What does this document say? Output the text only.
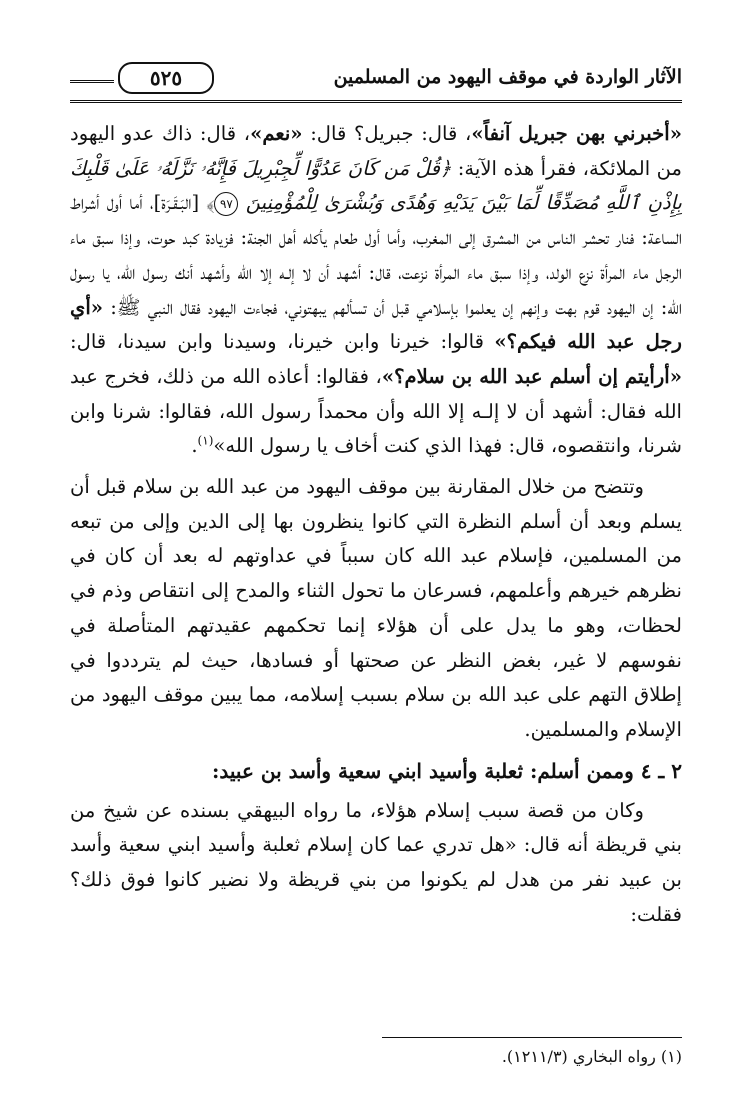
الآثار الواردة في موقف اليهود من المسلمين
٥٢٥

«أخبرني بهن جبريل آنفاً»، قال: جبريل؟ قال: «نعم»، قال: ذاك عدو اليهود من الملائكة، فقرأ هذه الآية: ﴿قُلْ مَن كَانَ عَدُوًّا لِّجِبْرِيلَ فَإِنَّهُۥ نَزَّلَهُۥ عَلَىٰ قَلْبِكَ بِإِذْنِ ٱللَّهِ مُصَدِّقًا لِّمَا بَيْنَ يَدَيْهِ وَهُدًى وَبُشْرَىٰ لِلْمُؤْمِنِينَ ٩٧﴾ [البَـقَـرَة]، أما أول أشراط الساعة: فنار تحشر الناس من المشرق إلى المغرب، وأما أول طعام يأكله أهل الجنة: فزيادة كبد حوت، وإذا سبق ماء الرجل ماء المرأة نزع الولد، وإذا سبق ماء المرأة نزعت، قال: أشهد أن لا إلـه إلا الله وأشهد أنك رسول الله، يا رسول الله: إن اليهود قوم بهت وإنهم إن يعلموا بإسلامي قبل أن تسألهم يبهتوني، فجاءت اليهود فقال النبي ﷺ: «أي رجل عبد الله فيكم؟» قالوا: خيرنا وابن خيرنا، وسيدنا وابن سيدنا، قال: «أرأيتم إن أسلم عبد الله بن سلام؟»، فقالوا: أعاذه الله من ذلك، فخرج عبد الله فقال: أشهد أن لا إلـه إلا الله وأن محمداً رسول الله، فقالوا: شرنا وابن شرنا، وانتقصوه، قال: فهذا الذي كنت أخاف يا رسول الله»$^{(١)}$.

وتتضح من خلال المقارنة بين موقف اليهود من عبد الله بن سلام قبل أن يسلم وبعد أن أسلم النظرة التي كانوا ينظرون بها إلى الدين وإلى من تبعه من المسلمين، فإسلام عبد الله كان سبباً في عداوتهم له بعد أن كان في نظرهم خيرهم وأعلمهم، فسرعان ما تحول الثناء والمدح إلى انتقاص وذم في لحظات، وهو ما يدل على أن هؤلاء إنما تحكمهم عقيدتهم المتأصلة في نفوسهم لا غير، بغض النظر عن صحتها أو فسادها، حيث لم يترددوا في إطلاق التهم على عبد الله بن سلام بسبب إسلامه، مما يبين موقف اليهود من الإسلام والمسلمين.

٢ ـ ٤ وممن أسلم: ثعلبة وأسيد ابني سعية وأسد بن عبيد:

وكان من قصة سبب إسلام هؤلاء، ما رواه البيهقي بسنده عن شيخ من بني قريظة أنه قال: «هل تدري عما كان إسلام ثعلبة وأسيد ابني سعية وأسد بن عبيد نفر من هدل لم يكونوا من بني قريظة ولا نضير كانوا فوق ذلك؟ فقلت:

(١) رواه البخاري (١٢١١/٣).
